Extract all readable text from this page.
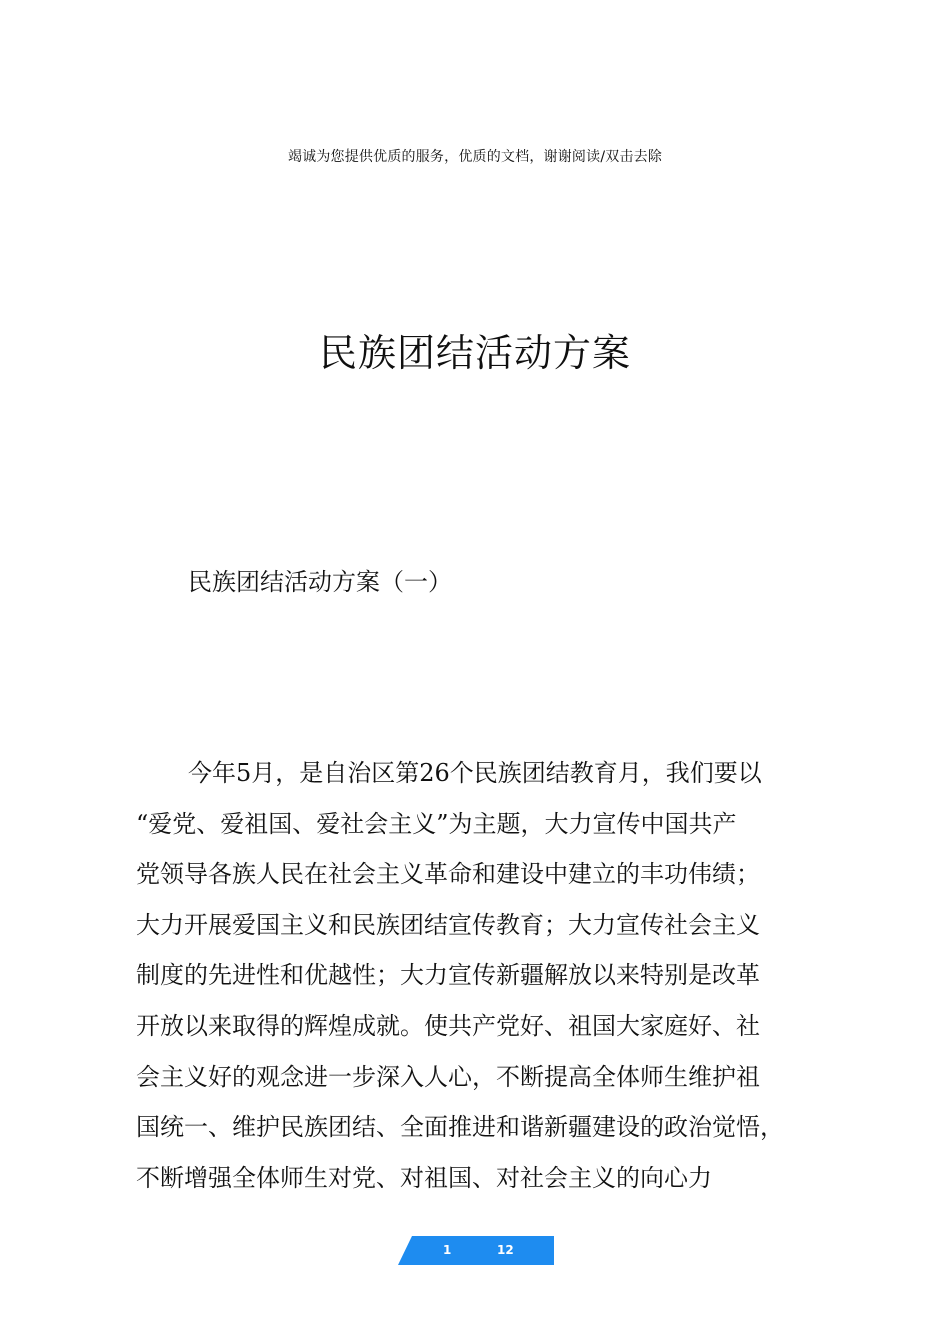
竭诚为您提供优质的服务，优质的文档，谢谢阅读/双击去除
民族团结活动方案
民族团结活动方案（一）
今年5月，是自治区第26个民族团结教育月，我们要以
“爱党、爱祖国、爱社会主义”为主题，大力宣传中国共产
党领导各族人民在社会主义革命和建设中建立的丰功伟绩；
大力开展爱国主义和民族团结宣传教育；大力宣传社会主义
制度的先进性和优越性；大力宣传新疆解放以来特别是改革
开放以来取得的辉煌成就。使共产党好、祖国大家庭好、社
会主义好的观念进一步深入人心，不断提高全体师生维护祖
国统一、维护民族团结、全面推进和谐新疆建设的政治觉悟，
不断增强全体师生对党、对祖国、对社会主义的向心力
1	12
